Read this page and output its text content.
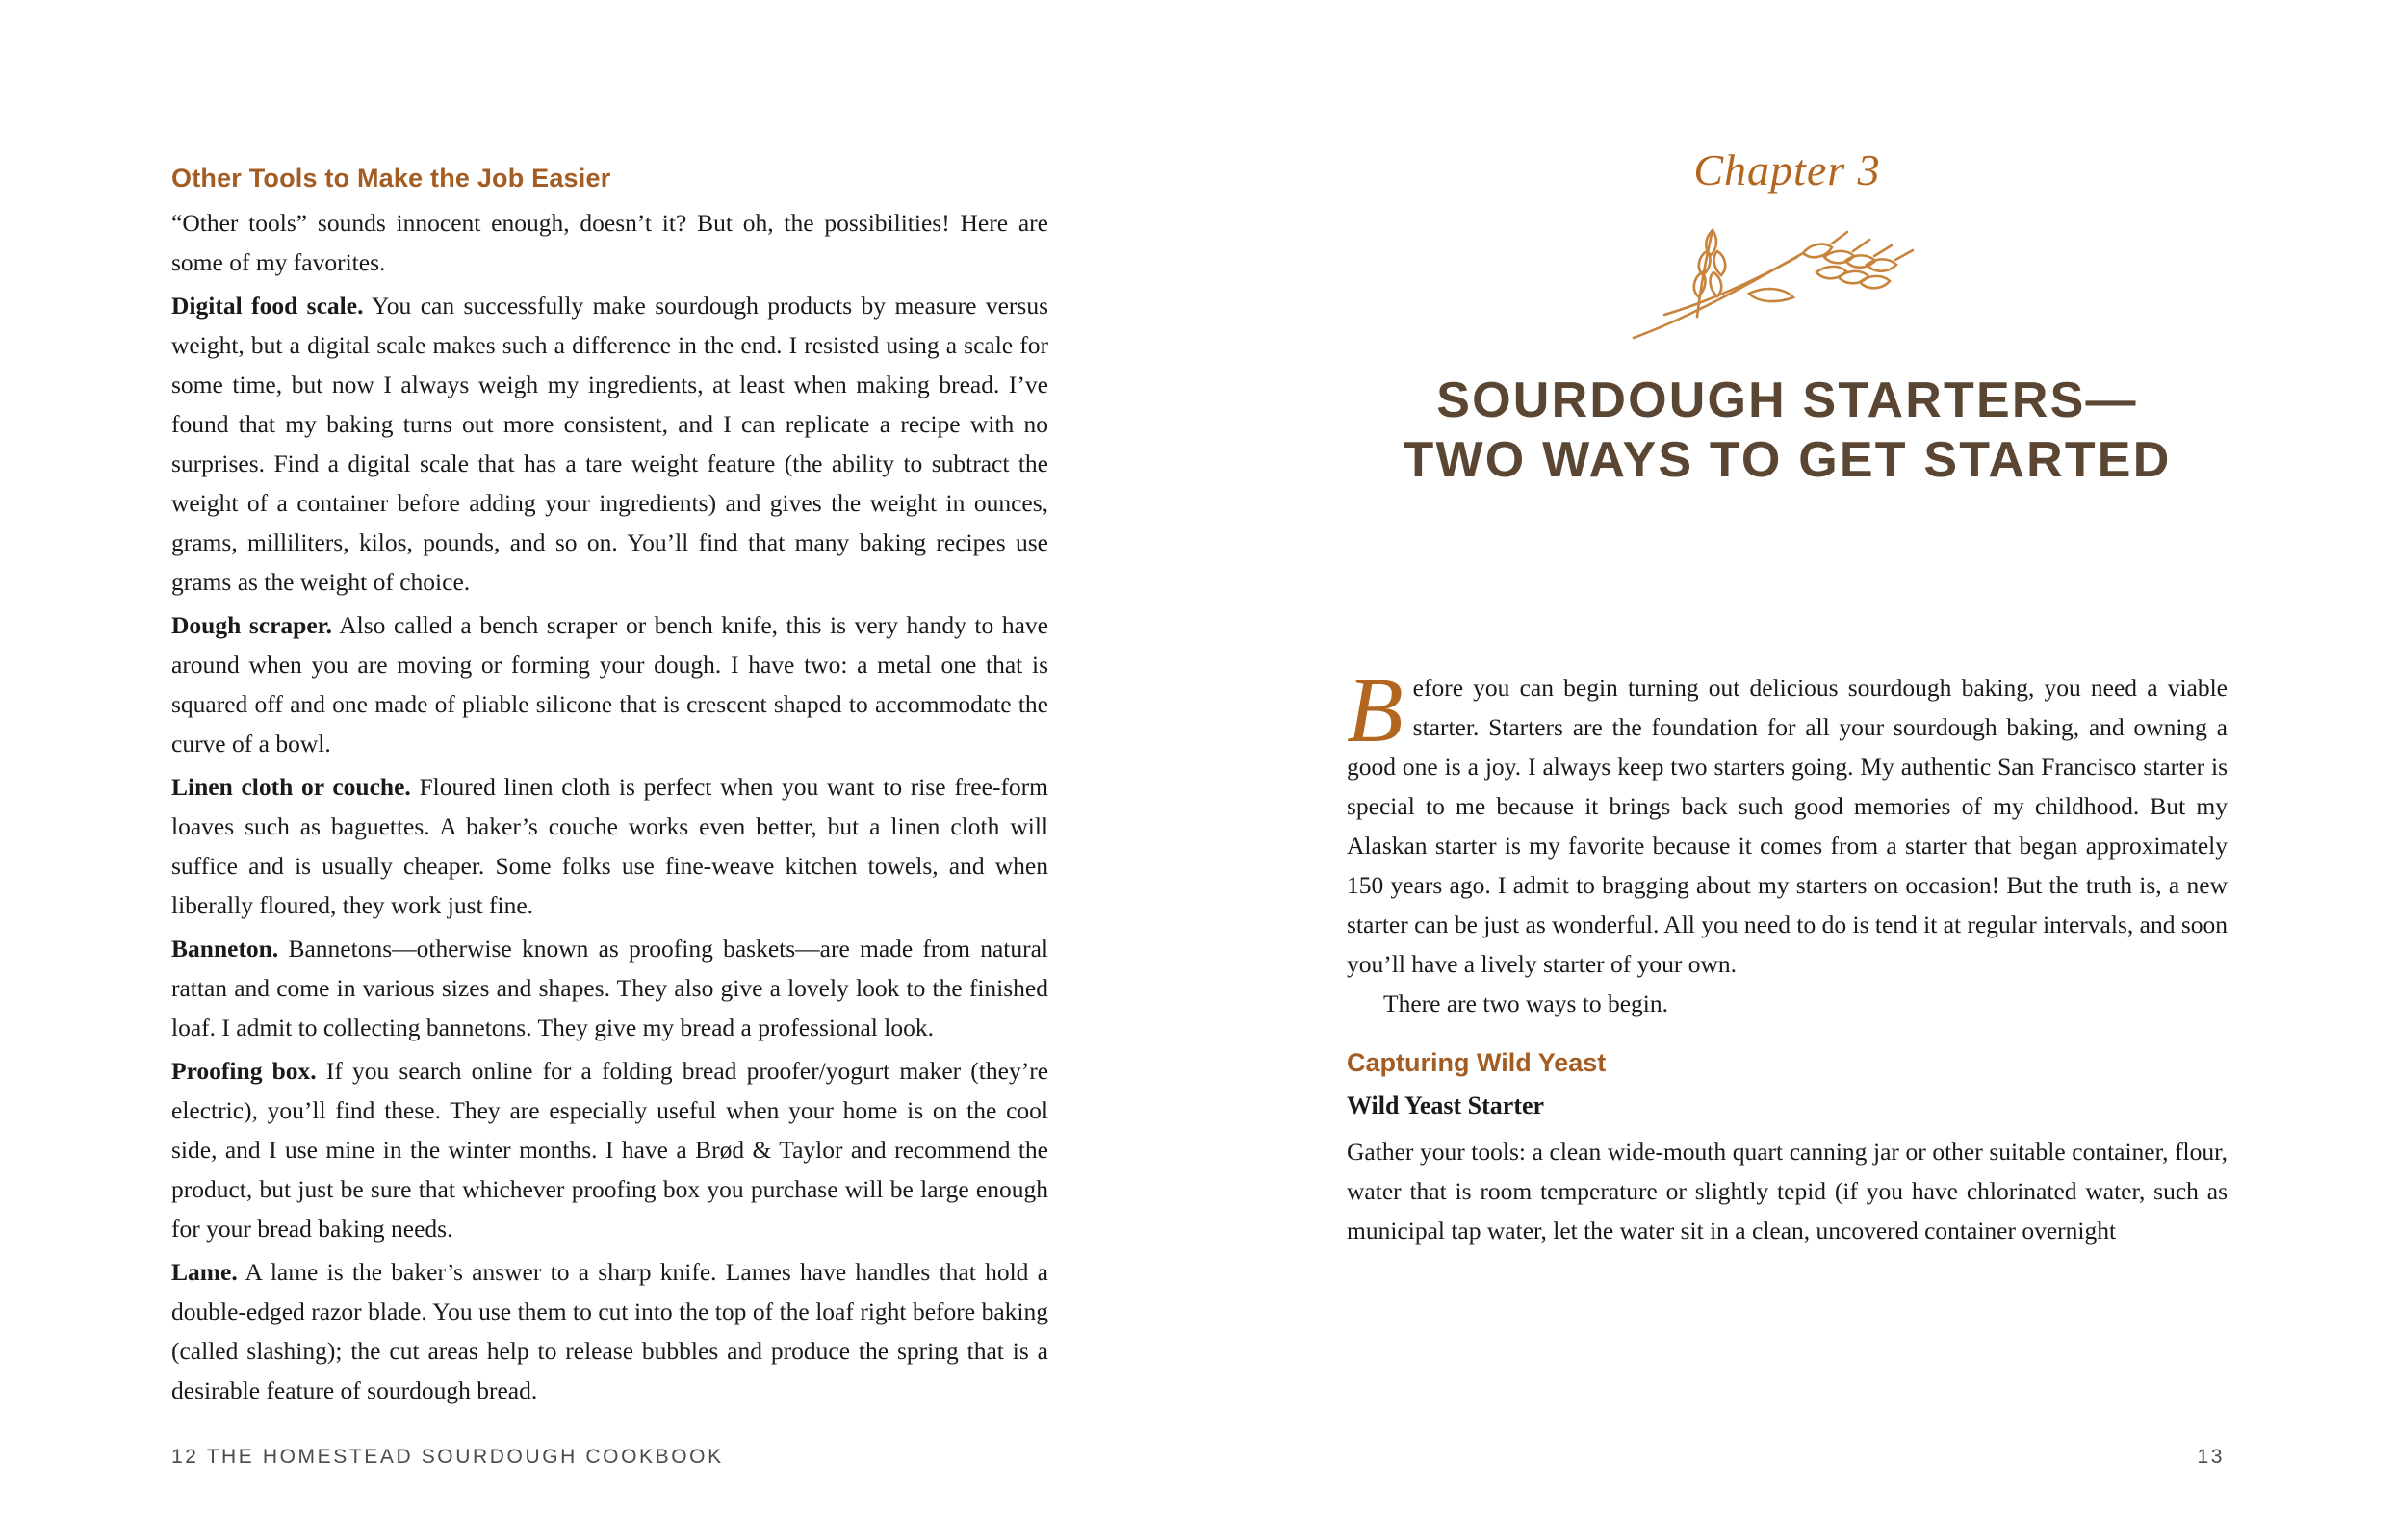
Other Tools to Make the Job Easier

“Other tools” sounds innocent enough, doesn’t it? But oh, the possibilities! Here are some of my favorites.

Digital food scale. You can successfully make sourdough products by measure versus weight, but a digital scale makes such a difference in the end. I resisted using a scale for some time, but now I always weigh my ingredients, at least when making bread. I’ve found that my baking turns out more consistent, and I can replicate a recipe with no surprises. Find a digital scale that has a tare weight feature (the ability to subtract the weight of a container before adding your ingredients) and gives the weight in ounces, grams, milliliters, kilos, pounds, and so on. You’ll find that many baking recipes use grams as the weight of choice.

Dough scraper. Also called a bench scraper or bench knife, this is very handy to have around when you are moving or forming your dough. I have two: a metal one that is squared off and one made of pliable silicone that is crescent shaped to accommodate the curve of a bowl.

Linen cloth or couche. Floured linen cloth is perfect when you want to rise free-form loaves such as baguettes. A baker’s couche works even better, but a linen cloth will suffice and is usually cheaper. Some folks use fine-weave kitchen towels, and when liberally floured, they work just fine.

Banneton. Bannetons—otherwise known as proofing baskets—are made from natural rattan and come in various sizes and shapes. They also give a lovely look to the finished loaf. I admit to collecting bannetons. They give my bread a professional look.

Proofing box. If you search online for a folding bread proofer/yogurt maker (they’re electric), you’ll find these. They are especially useful when your home is on the cool side, and I use mine in the winter months. I have a Brød & Taylor and recommend the product, but just be sure that whichever proofing box you purchase will be large enough for your bread baking needs.

Lame. A lame is the baker’s answer to a sharp knife. Lames have handles that hold a double-edged razor blade. You use them to cut into the top of the loaf right before baking (called slashing); the cut areas help to release bubbles and produce the spring that is a desirable feature of sourdough bread.

12 THE HOMESTEAD SOURDOUGH COOKBOOK
Chapter 3
SOURDOUGH STARTERS—
TWO WAYS TO GET STARTED
B efore you can begin turning out delicious sourdough baking, you need a viable starter. Starters are the foundation for all your sourdough baking, and owning a good one is a joy. I always keep two starters going. My authentic San Francisco starter is special to me because it brings back such good memories of my childhood. But my Alaskan starter is my favorite because it comes from a starter that began approximately 150 years ago. I admit to bragging about my starters on occasion! But the truth is, a new starter can be just as wonderful. All you need to do is tend it at regular intervals, and soon you’ll have a lively starter of your own.

There are two ways to begin.

Capturing Wild Yeast
Wild Yeast Starter

Gather your tools: a clean wide-mouth quart canning jar or other suitable container, flour, water that is room temperature or slightly tepid (if you have chlorinated water, such as municipal tap water, let the water sit in a clean, uncovered container overnight

13
